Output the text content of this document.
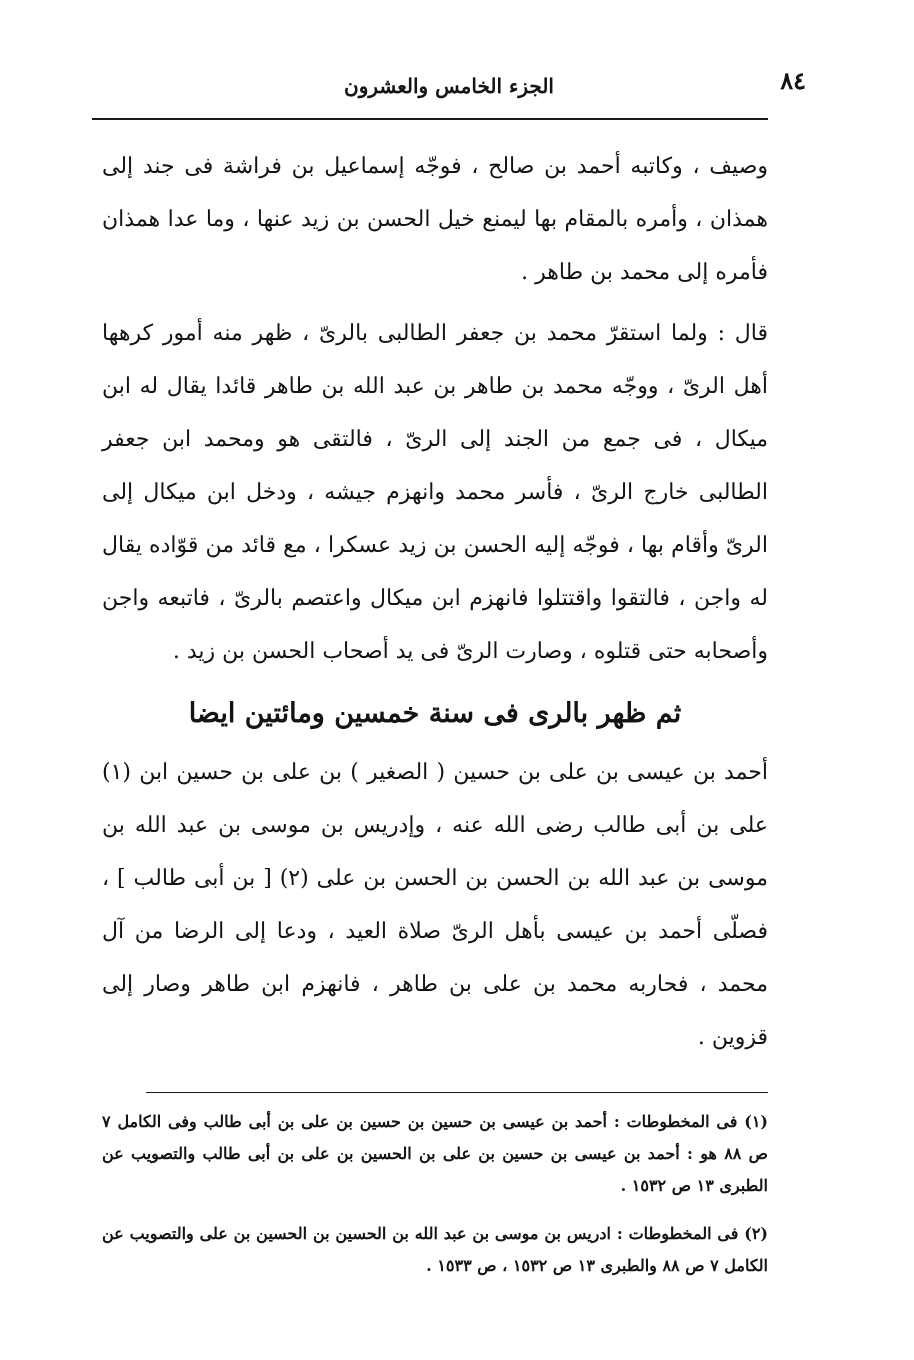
٨٤
الجزء الخامس والعشرون

وصيف ، وكاتبه أحمد بن صالح ، فوجّه إسماعيل بن فراشة فى جند إلى همذان ، وأمره بالمقام بها ليمنع خيل الحسن بن زيد عنها ، وما عدا همذان فأمره إلى محمد بن طاهر .

قال : ولما استقرّ محمد بن جعفر الطالبى بالرىّ ، ظهر منه أمور كرهها أهل الرىّ ، ووجّه محمد بن طاهر بن عبد الله بن طاهر قائدا يقال له ابن ميكال ، فى جمع من الجند إلى الرىّ ، فالتقى هو ومحمد ابن جعفر الطالبى خارج الرىّ ، فأسر محمد وانهزم جيشه ، ودخل ابن ميكال إلى الرىّ وأقام بها ، فوجّه إليه الحسن بن زيد عسكرا ، مع قائد من قوّاده يقال له واجن ، فالتقوا واقتتلوا فانهزم ابن ميكال واعتصم بالرىّ ، فاتبعه واجن وأصحابه حتى قتلوه ، وصارت الرىّ فى يد أصحاب الحسن بن زيد .

ثم ظهر بالرى فى سنة خمسين ومائتين ايضا

أحمد بن عيسى بن على بن حسين ( الصغير ) بن على بن حسين ابن (١) على بن أبى طالب رضى الله عنه ، وإدريس بن موسى بن عبد الله بن موسى بن عبد الله بن الحسن بن الحسن بن على (٢) [ بن أبى طالب ] ، فصلّى أحمد بن عيسى بأهل الرىّ صلاة العيد ، ودعا إلى الرضا من آل محمد ، فحاربه محمد بن على بن طاهر ، فانهزم ابن طاهر وصار إلى قزوين .

(١) فى المخطوطات : أحمد بن عيسى بن حسين بن حسين بن على بن أبى طالب وفى الكامل ٧ ص ٨٨ هو : أحمد بن عيسى بن حسين بن على بن الحسين بن على بن أبى طالب والتصويب عن الطبرى ١٣ ص ١٥٣٢ .

(٢) فى المخطوطات : ادريس بن موسى بن عبد الله بن الحسين بن الحسين بن على والتصويب عن الكامل ٧ ص ٨٨ والطبرى ١٣ ص ١٥٣٢ ، ص ١٥٣٣ .
